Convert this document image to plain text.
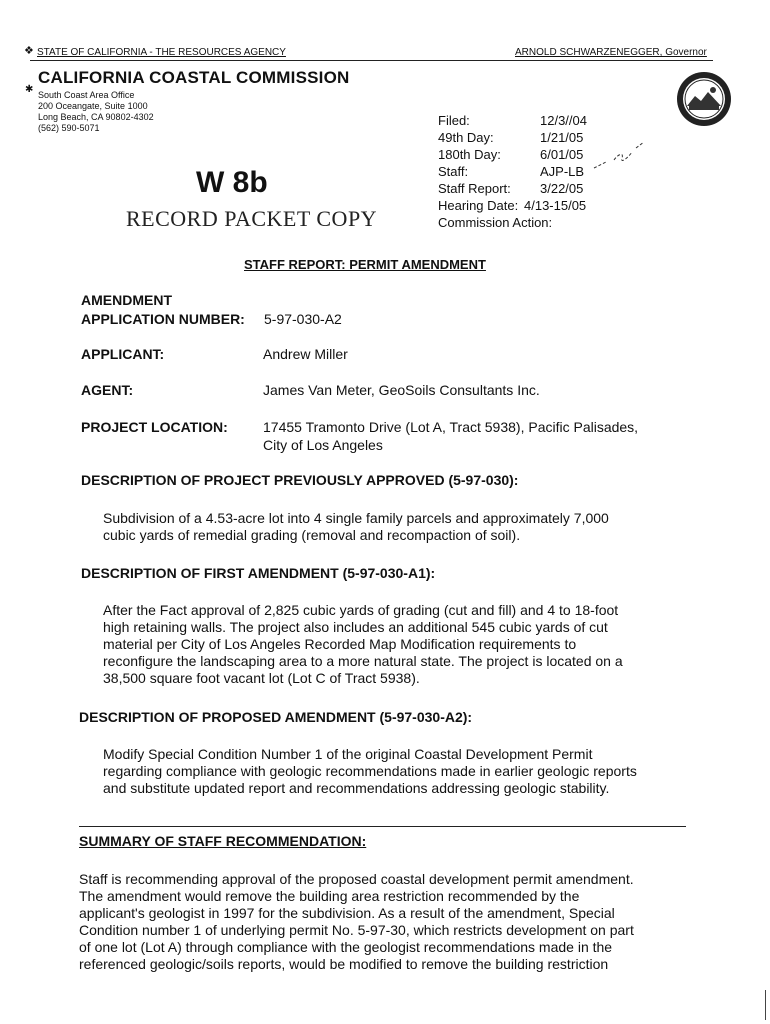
❖ STATE OF CALIFORNIA - THE RESOURCES AGENCY	ARNOLD SCHWARZENEGGER, Governor
CALIFORNIA COASTAL COMMISSION
✱ South Coast Area Office
200 Oceangate, Suite 1000
Long Beach, CA 90802-4302
(562) 590-5071
W 8b
RECORD PACKET COPY
Filed:	12/3//04
49th Day:	1/21/05
180th Day:	6/01/05
Staff:	AJP-LB
Staff Report: 3/22/05
Hearing Date: 4/13-15/05
Commission Action:
STAFF REPORT: PERMIT AMENDMENT
AMENDMENT
APPLICATION NUMBER: 5-97-030-A2
APPLICANT:	Andrew Miller
AGENT:	James Van Meter, GeoSoils Consultants Inc.
PROJECT LOCATION:	17455 Tramonto Drive (Lot A, Tract 5938), Pacific Palisades,
City of Los Angeles
DESCRIPTION OF PROJECT PREVIOUSLY APPROVED (5-97-030):
Subdivision of a 4.53-acre lot into 4 single family parcels and approximately 7,000
cubic yards of remedial grading (removal and recompaction of soil).
DESCRIPTION OF FIRST AMENDMENT (5-97-030-A1):
After the Fact approval of 2,825 cubic yards of grading (cut and fill) and 4 to 18-foot
high retaining walls. The project also includes an additional 545 cubic yards of cut
material per City of Los Angeles Recorded Map Modification requirements to
reconfigure the landscaping area to a more natural state. The project is located on a
38,500 square foot vacant lot (Lot C of Tract 5938).
DESCRIPTION OF PROPOSED AMENDMENT (5-97-030-A2):
Modify Special Condition Number 1 of the original Coastal Development Permit
regarding compliance with geologic recommendations made in earlier geologic reports
and substitute updated report and recommendations addressing geologic stability.
SUMMARY OF STAFF RECOMMENDATION:
Staff is recommending approval of the proposed coastal development permit amendment.
The amendment would remove the building area restriction recommended by the
applicant's geologist in 1997 for the subdivision. As a result of the amendment, Special
Condition number 1 of underlying permit No. 5-97-30, which restricts development on part
of one lot (Lot A) through compliance with the geologist recommendations made in the
referenced geologic/soils reports, would be modified to remove the building restriction
